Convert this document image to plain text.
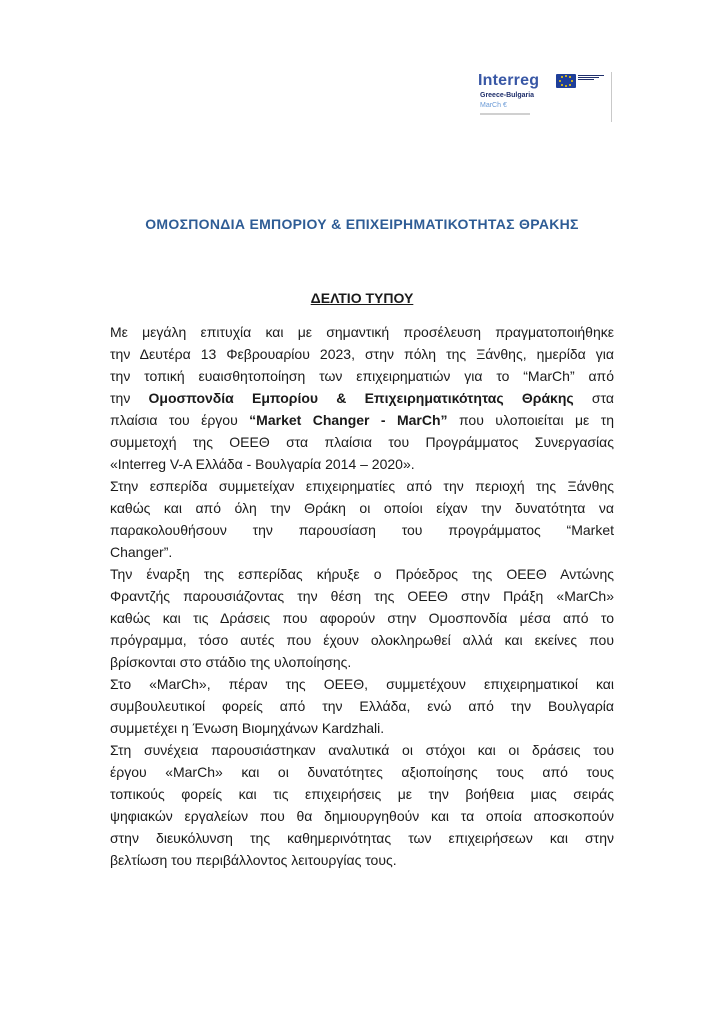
Interreg
Greece-Bulgaria
MarCh €
ΟΜΟΣΠΟΝΔΙΑ ΕΜΠΟΡΙΟΥ & ΕΠΙΧΕΙΡΗΜΑΤΙΚΟΤΗΤΑΣ ΘΡΑΚΗΣ
ΔΕΛΤΙΟ ΤΥΠΟΥ

Με μεγάλη επιτυχία και με σημαντική προσέλευση πραγματοποιήθηκε
την Δευτέρα 13 Φεβρουαρίου 2023, στην πόλη της Ξάνθης, ημερίδα για
την τοπική ευαισθητοποίηση των επιχειρηματιών για το “MarCh” από
την Ομοσπονδία Εμπορίου & Επιχειρηματικότητας Θράκης στα
πλαίσια του έργου “Market Changer - MarCh” που υλοποιείται με τη
συμμετοχή της ΟΕΕΘ στα πλαίσια του Προγράμματος Συνεργασίας
«Interreg V-A Ελλάδα - Βουλγαρία 2014 – 2020».

Στην εσπερίδα συμμετείχαν επιχειρηματίες από την περιοχή της Ξάνθης
καθώς και από όλη την Θράκη οι οποίοι είχαν την δυνατότητα να
παρακολουθήσουν την παρουσίαση του προγράμματος “Market
Changer”.

Την έναρξη της εσπερίδας κήρυξε ο Πρόεδρος της ΟΕΕΘ Αντώνης
Φραντζής παρουσιάζοντας την θέση της ΟΕΕΘ στην Πράξη «MarCh»
καθώς και τις Δράσεις που αφορούν στην Ομοσπονδία μέσα από το
πρόγραμμα, τόσο αυτές που έχουν ολοκληρωθεί αλλά και εκείνες που
βρίσκονται στο στάδιο της υλοποίησης.

Στο «MarCh», πέραν της ΟΕΕΘ, συμμετέχουν επιχειρηματικοί και
συμβουλευτικοί φορείς από την Ελλάδα, ενώ από την Βουλγαρία
συμμετέχει η Ένωση Βιομηχάνων Kardzhali.

Στη συνέχεια παρουσιάστηκαν αναλυτικά οι στόχοι και οι δράσεις του
έργου «MarCh» και οι δυνατότητες αξιοποίησης τους από τους
τοπικούς φορείς και τις επιχειρήσεις με την βοήθεια μιας σειράς
ψηφιακών εργαλείων που θα δημιουργηθούν και τα οποία αποσκοπούν
στην διευκόλυνση της καθημερινότητας των επιχειρήσεων και στην
βελτίωση του περιβάλλοντος λειτουργίας τους.
